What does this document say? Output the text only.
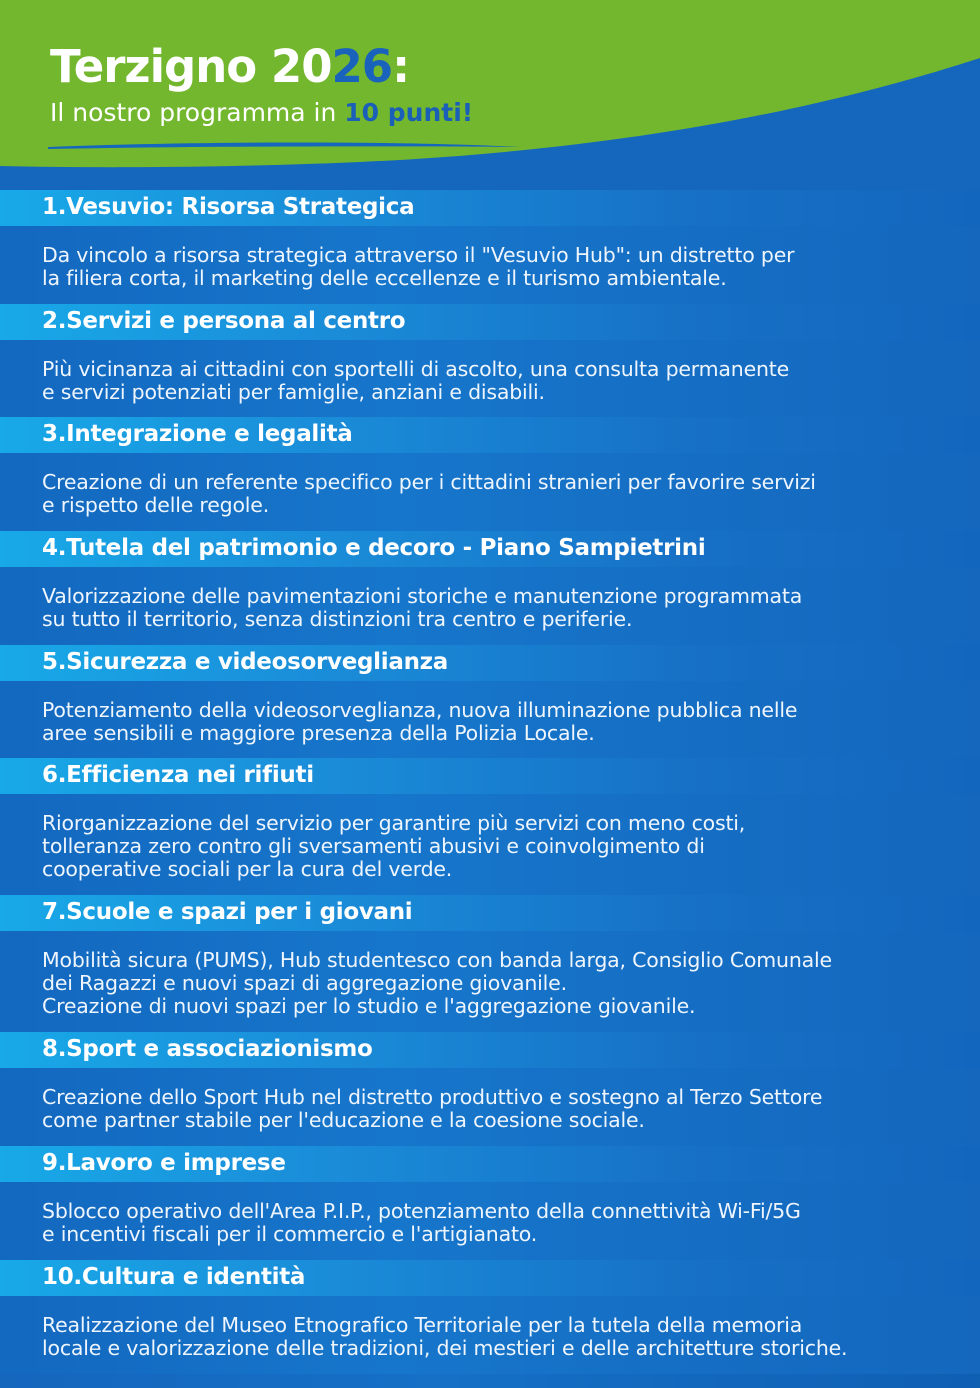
Terzigno 2026:

Il nostro programma in 10 punti!

1.Vesuvio: Risorsa Strategica

Da vincolo a risorsa strategica attraverso il "Vesuvio Hub": un distretto per
la filiera corta, il marketing delle eccellenze e il turismo ambientale.

2.Servizi e persona al centro

Più vicinanza ai cittadini con sportelli di ascolto, una consulta permanente
e servizi potenziati per famiglie, anziani e disabili.

3.Integrazione e legalità

Creazione di un referente specifico per i cittadini stranieri per favorire servizi
e rispetto delle regole.

4.Tutela del patrimonio e decoro - Piano Sampietrini

Valorizzazione delle pavimentazioni storiche e manutenzione programmata
su tutto il territorio, senza distinzioni tra centro e periferie.

5.Sicurezza e videosorveglianza

Potenziamento della videosorveglianza, nuova illuminazione pubblica nelle
aree sensibili e maggiore presenza della Polizia Locale.

6.Efficienza nei rifiuti

Riorganizzazione del servizio per garantire più servizi con meno costi,
tolleranza zero contro gli sversamenti abusivi e coinvolgimento di
cooperative sociali per la cura del verde.

7.Scuole e spazi per i giovani

Mobilità sicura (PUMS), Hub studentesco con banda larga, Consiglio Comunale
dei Ragazzi e nuovi spazi di aggregazione giovanile.
Creazione di nuovi spazi per lo studio e l'aggregazione giovanile.

8.Sport e associazionismo

Creazione dello Sport Hub nel distretto produttivo e sostegno al Terzo Settore
come partner stabile per l'educazione e la coesione sociale.

9.Lavoro e imprese

Sblocco operativo dell'Area P.I.P., potenziamento della connettività Wi-Fi/5G
e incentivi fiscali per il commercio e l'artigianato.

10.Cultura e identità

Realizzazione del Museo Etnografico Territoriale per la tutela della memoria
locale e valorizzazione delle tradizioni, dei mestieri e delle architetture storiche.
